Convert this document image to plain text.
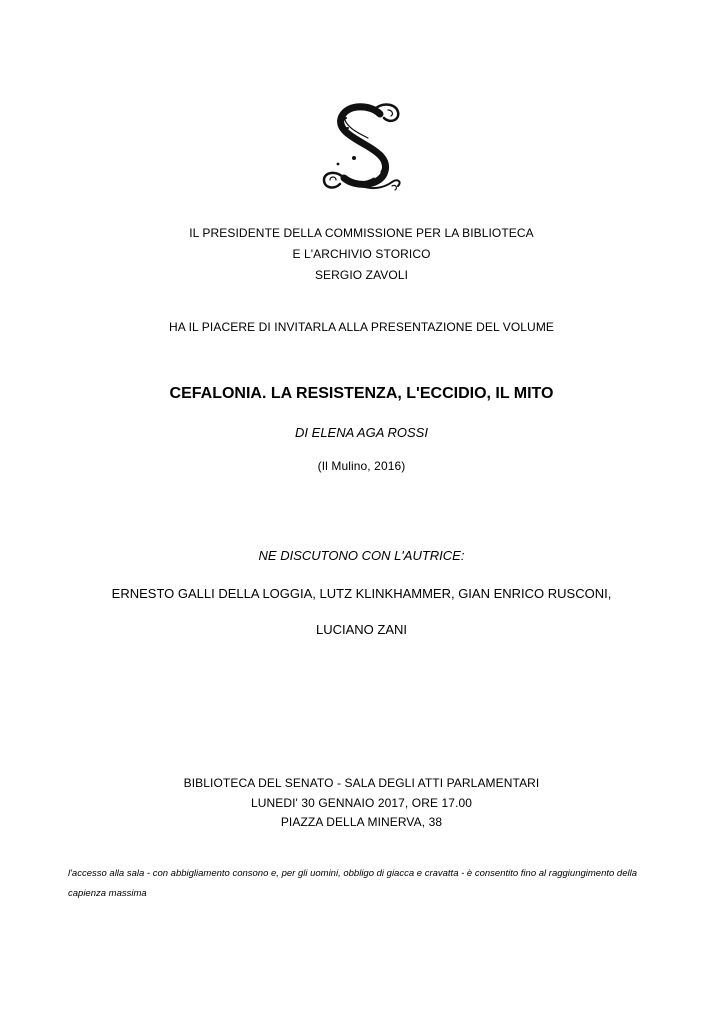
IL PRESIDENTE DELLA COMMISSIONE PER LA BIBLIOTECA
E L'ARCHIVIO STORICO
SERGIO ZAVOLI
HA IL PIACERE DI INVITARLA ALLA PRESENTAZIONE DEL VOLUME
CEFALONIA. LA RESISTENZA, L'ECCIDIO, IL MITO
DI ELENA AGA ROSSI
(Il Mulino, 2016)
NE DISCUTONO CON L'AUTRICE:
ERNESTO GALLI DELLA LOGGIA, LUTZ KLINKHAMMER, GIAN ENRICO RUSCONI,
LUCIANO ZANI
BIBLIOTECA DEL SENATO - SALA DEGLI ATTI PARLAMENTARI
LUNEDI' 30 GENNAIO 2017, ORE 17.00
PIAZZA DELLA MINERVA, 38
l'accesso alla sala - con abbigliamento consono e, per gli uomini, obbligo di giacca e cravatta - è consentito fino al raggiungimento della capienza massima
